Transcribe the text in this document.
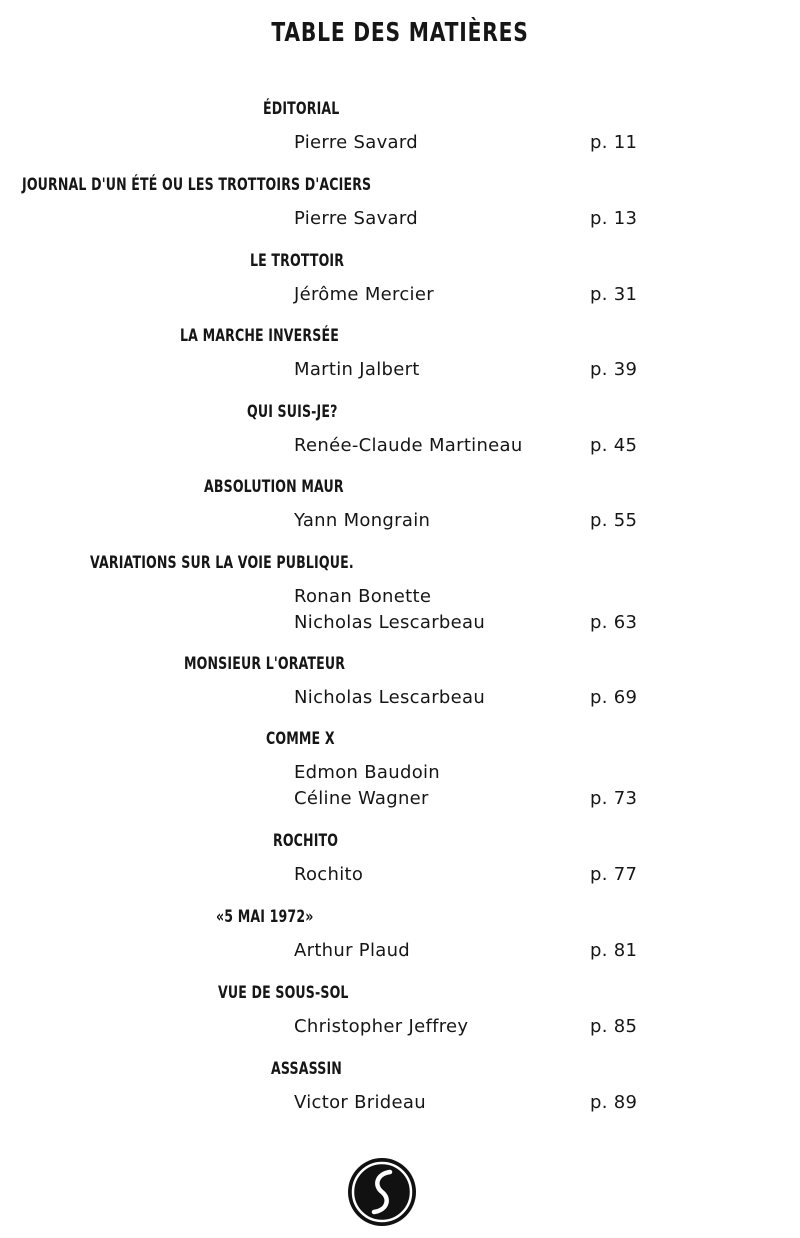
TABLE DES MATIÈRES
ÉDITORIAL
Pierre Savard	p. 11
JOURNAL D'UN ÉTÉ OU LES TROTTOIRS D'ACIERS
Pierre Savard	p. 13
LE TROTTOIR
Jérôme Mercier	p. 31
LA MARCHE INVERSÉE
Martin Jalbert	p. 39
QUI SUIS-JE?
Renée-Claude Martineau	p. 45
ABSOLUTION MAUR
Yann Mongrain	p. 55
VARIATIONS SUR LA VOIE PUBLIQUE.
Ronan Bonette
Nicholas Lescarbeau	p. 63
MONSIEUR L'ORATEUR
Nicholas Lescarbeau	p. 69
COMME X
Edmon Baudoin
Céline Wagner	p. 73
ROCHITO
Rochito	p. 77
«5 MAI 1972»
Arthur Plaud	p. 81
VUE DE SOUS-SOL
Christopher Jeffrey	p. 85
ASSASSIN
Victor Brideau	p. 89
